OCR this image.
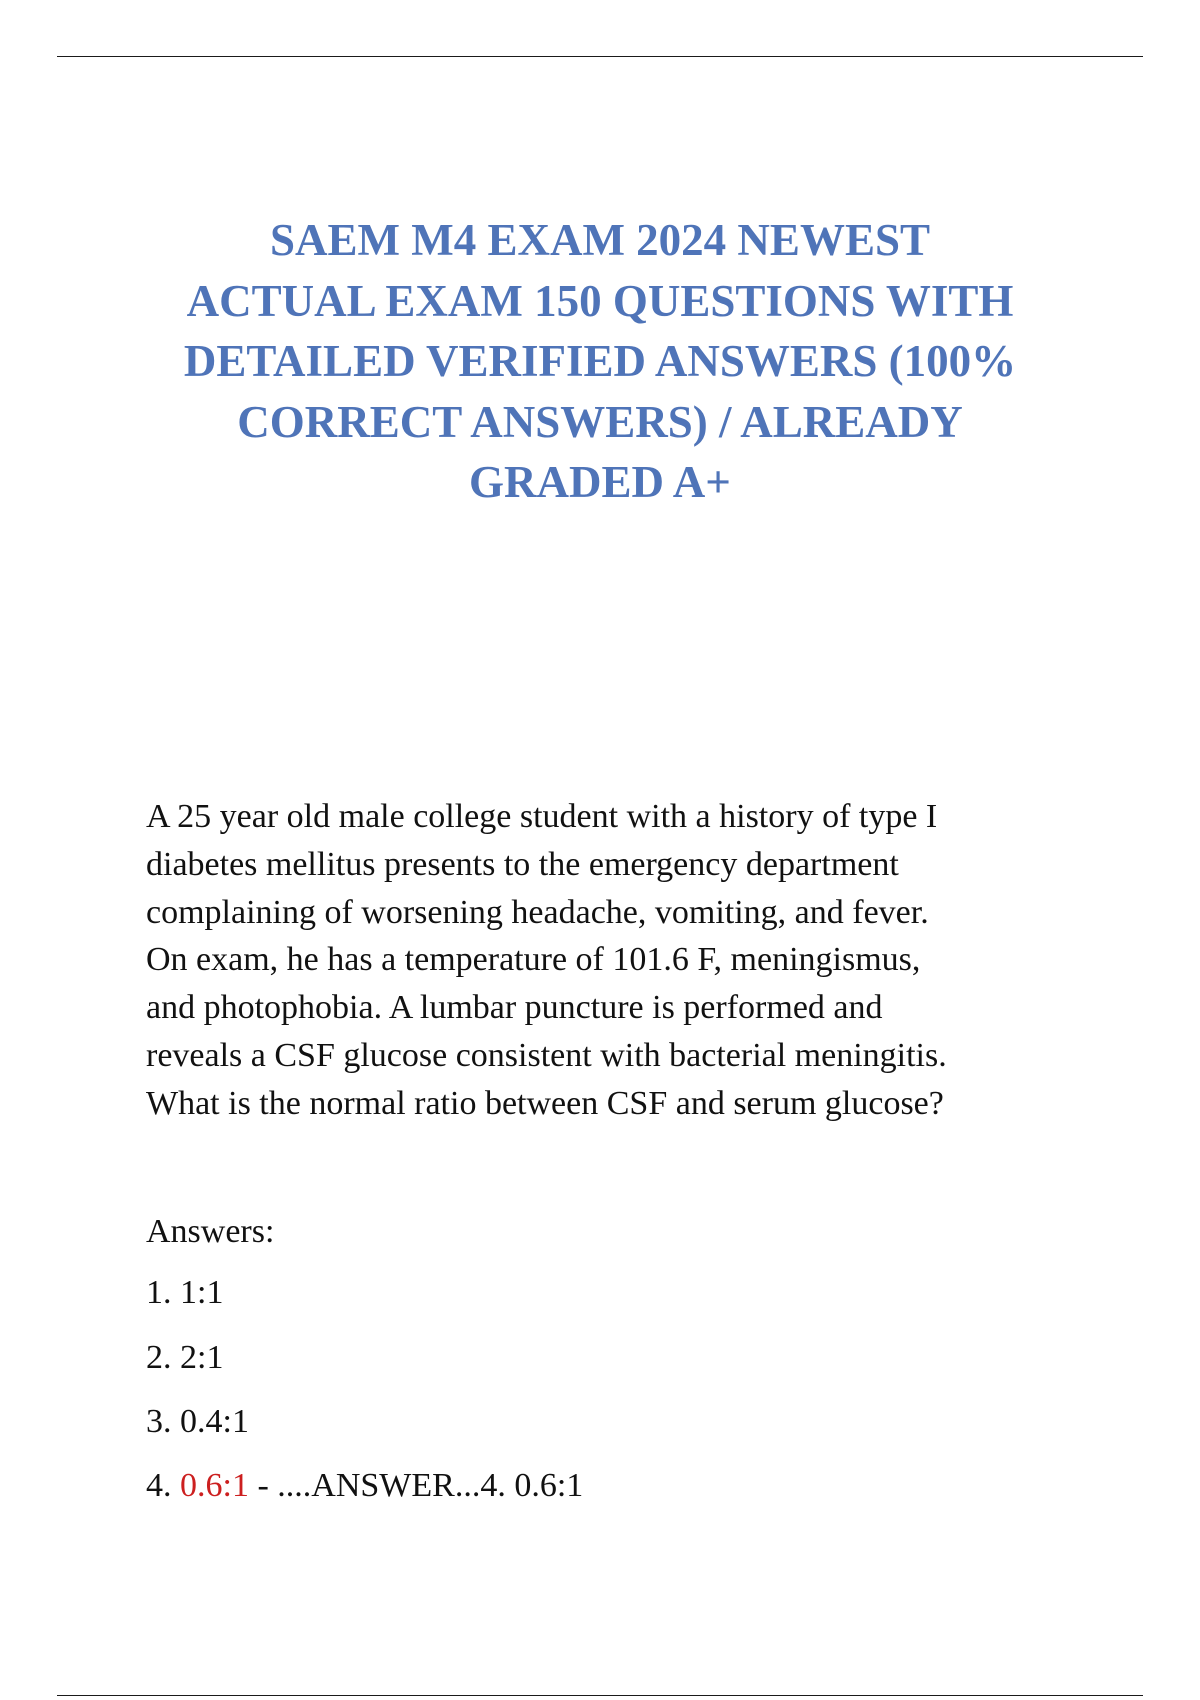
SAEM M4 EXAM 2024 NEWEST
ACTUAL EXAM 150 QUESTIONS WITH
DETAILED VERIFIED ANSWERS (100%
CORRECT ANSWERS) / ALREADY
GRADED A+

A 25 year old male college student with a history of type I
diabetes mellitus presents to the emergency department
complaining of worsening headache, vomiting, and fever.
On exam, he has a temperature of 101.6 F, meningismus,
and photophobia. A lumbar puncture is performed and
reveals a CSF glucose consistent with bacterial meningitis.
What is the normal ratio between CSF and serum glucose?

Answers:

1. 1:1

2. 2:1

3. 0.4:1

4. 0.6:1 - ....ANSWER...4. 0.6:1
